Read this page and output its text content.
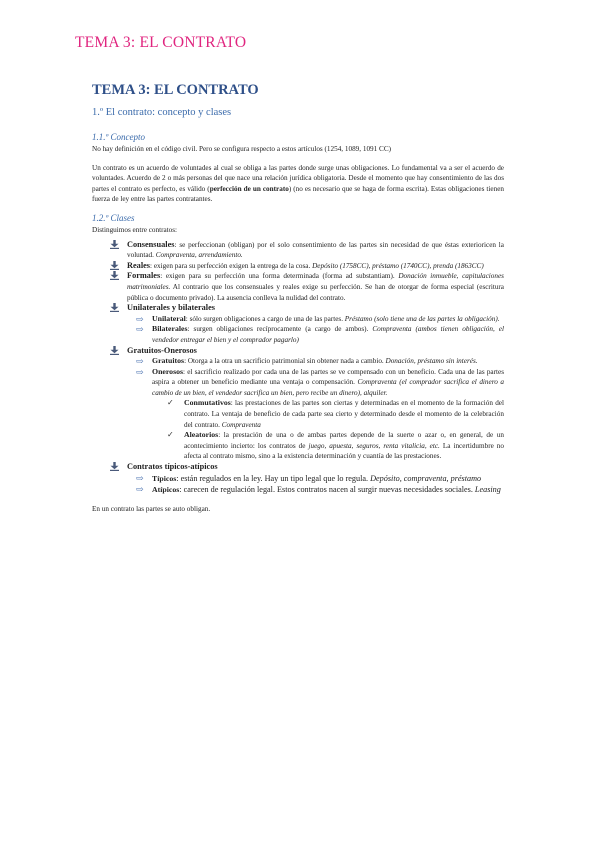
TEMA 3: EL CONTRATO
TEMA 3: EL CONTRATO
1.º El contrato: concepto y clases
1.1.º Concepto

No hay definición en el código civil. Pero se configura respecto a estos artículos (1254, 1089, 1091 CC)

Un contrato es un acuerdo de voluntades al cual se obliga a las partes donde surge unas obligaciones. Lo fundamental va a ser el acuerdo de voluntades. Acuerdo de 2 o más personas del que nace una relación jurídica obligatoria. Desde el momento que hay consentimiento de las dos partes el contrato es perfecto, es válido (perfección de un contrato) (no es necesario que se haga de forma escrita). Estas obligaciones tienen fuerza de ley entre las partes contratantes.

1.2.º Clases

Distinguimos entre contratos:

Consensuales: se perfeccionan (obligan) por el solo consentimiento de las partes sin necesidad de que éstas exterioricen la voluntad. Compraventa, arrendamiento.
Reales: exigen para su perfección exigen la entrega de la cosa. Depósito (1758CC), préstamo (1740CC), prenda (1863CC)
Formales: exigen para su perfección una forma determinada (forma ad substantiam). Donación inmueble, capitulaciones matrimoniales. Al contrario que los consensuales y reales exige su perfección. Se han de otorgar de forma especial (escritura pública o documento privado). La ausencia conlleva la nulidad del contrato.
Unilaterales y bilaterales
⇨	Unilateral: sólo surgen obligaciones a cargo de una de las partes. Préstamo (solo tiene una de las partes la obligación).
⇨	Bilaterales: surgen obligaciones recíprocamente (a cargo de ambos). Compraventa (ambos tienen obligación, el vendedor entregar el bien y el comprador pagarlo)
Gratuitos-Onerosos
⇨	Gratuitos: Otorga a la otra un sacrificio patrimonial sin obtener nada a cambio. Donación, préstamo sin interés.
⇨	Onerosos: el sacrificio realizado por cada una de las partes se ve compensado con un beneficio. Cada una de las partes aspira a obtener un beneficio mediante una ventaja o compensación. Compraventa (el comprador sacrifica el dinero a cambio de un bien, el vendedor sacrifica un bien, pero recibe un dinero), alquiler.
✓	Conmutativos: las prestaciones de las partes son ciertas y determinadas en el momento de la formación del contrato. La ventaja de beneficio de cada parte sea cierto y determinado desde el momento de la celebración del contrato. Compraventa
✓	Aleatorios: la prestación de una o de ambas partes depende de la suerte o azar o, en general, de un acontecimiento incierto: los contratos de juego, apuesta, seguros, renta vitalicia, etc. La incertidumbre no afecta al contrato mismo, sino a la existencia determinación y cuantía de las prestaciones.
Contratos típicos-atípicos
⇨	Típicos: están regulados en la ley. Hay un tipo legal que lo regula. Depósito, compraventa, préstamo
⇨	Atípicos: carecen de regulación legal. Estos contratos nacen al surgir nuevas necesidades sociales. Leasing

En un contrato las partes se auto obligan.
